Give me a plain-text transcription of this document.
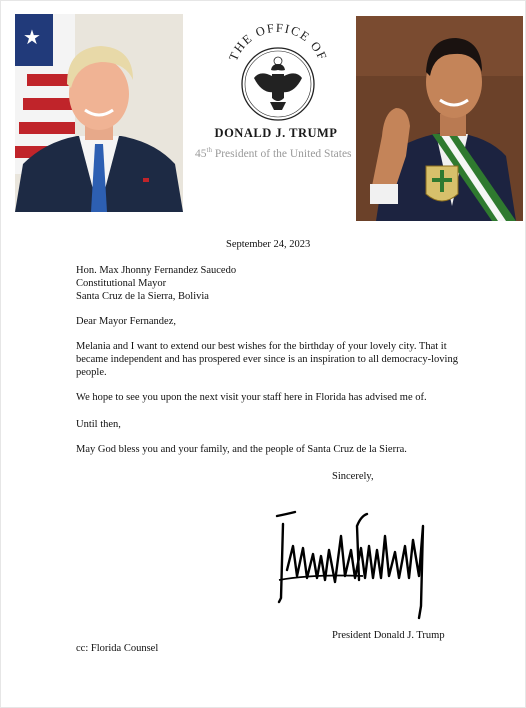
★
THE OFFICE OF
DONALD J. TRUMP
45th President of the United States
September 24, 2023
Hon. Max Jhonny Fernandez Saucedo
Constitutional Mayor
Santa Cruz de la Sierra, Bolivia
Dear Mayor Fernandez,
Melania and I want to extend our best wishes for the birthday of your lovely city. That it became independent and has prospered ever since is an inspiration to all democracy-loving people.
We hope to see you upon the next visit your staff here in Florida has advised me of.
Until then,
May God bless you and your family, and the people of Santa Cruz de la Sierra.
Sincerely,
President Donald J. Trump
cc: Florida Counsel
